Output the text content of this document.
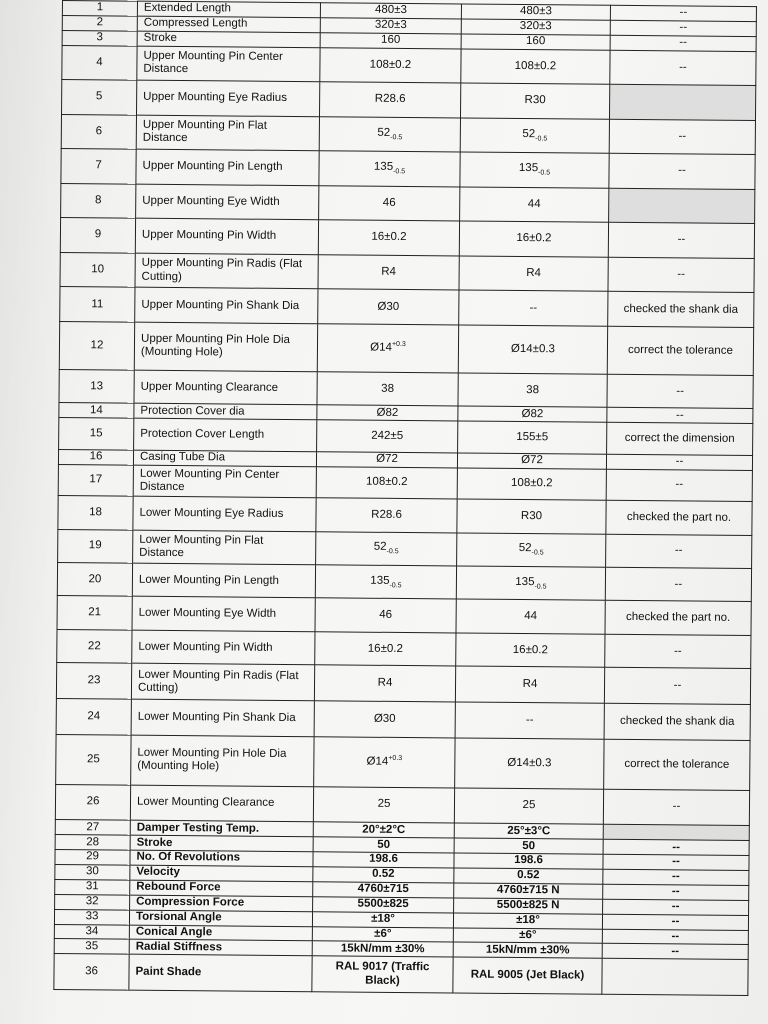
1	Extended Length	480±3	480±3	--
2	Compressed Length	320±3	320±3	--
3	Stroke	160	160	--
4	Upper Mounting Pin Center Distance	108±0.2	108±0.2	--
5	Upper Mounting Eye Radius	R28.6	R30	
6	Upper Mounting Pin Flat Distance	$52_{-0.5}$	$52_{-0.5}$	--
7	Upper Mounting Pin Length	$135_{-0.5}$	$135_{-0.5}$	--
8	Upper Mounting Eye Width	46	44	
9	Upper Mounting Pin Width	16±0.2	16±0.2	--
10	Upper Mounting Pin Radis (Flat Cutting)	R4	R4	--
11	Upper Mounting Pin Shank Dia	Ø30	--	checked the shank dia
12	Upper Mounting Pin Hole Dia (Mounting Hole)	$Ø14^{+0.3}$	Ø14±0.3	correct the tolerance
13	Upper Mounting Clearance	38	38	--
14	Protection Cover dia	Ø82	Ø82	--
15	Protection Cover Length	242±5	155±5	correct the dimension
16	Casing Tube Dia	Ø72	Ø72	--
17	Lower Mounting Pin Center Distance	108±0.2	108±0.2	--
18	Lower Mounting Eye Radius	R28.6	R30	checked the part no.
19	Lower Mounting Pin Flat Distance	$52_{-0.5}$	$52_{-0.5}$	--
20	Lower Mounting Pin Length	$135_{-0.5}$	$135_{-0.5}$	--
21	Lower Mounting Eye Width	46	44	checked the part no.
22	Lower Mounting Pin Width	16±0.2	16±0.2	--
23	Lower Mounting Pin Radis (Flat Cutting)	R4	R4	--
24	Lower Mounting Pin Shank Dia	Ø30	--	checked the shank dia
25	Lower Mounting Pin Hole Dia (Mounting Hole)	$Ø14^{+0.3}$	Ø14±0.3	correct the tolerance
26	Lower Mounting Clearance	25	25	--
27	Damper Testing Temp.	20°±2°C	25°±3°C	
28	Stroke	50	50	--
29	No. Of Revolutions	198.6	198.6	--
30	Velocity	0.52	0.52	--
31	Rebound Force	4760±715	4760±715 N	--
32	Compression Force	5500±825	5500±825 N	--
33	Torsional Angle	±18°	±18°	--
34	Conical Angle	±6°	±6°	--
35	Radial Stiffness	15kN/mm ±30%	15kN/mm ±30%	--
36	Paint Shade	RAL 9017 (Traffic Black)	RAL 9005 (Jet Black)	
